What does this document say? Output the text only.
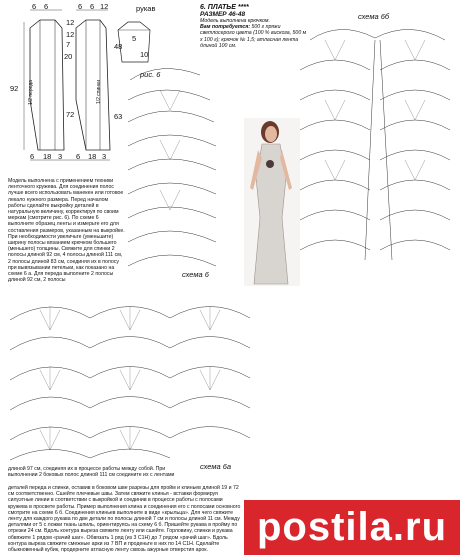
6 6
12
6 6 12
12
7
20
92
72
6 18 3 6 18 3
рукав
48
5
10
63
рис. 6
схема 6
схема 6а
схема 6б
1/2 переда	1/2 спинки
6. ПЛАТЬЕ ****
РАЗМЕР 46-48
Модель выполнена крючком.
Вам потребуется: 500 г пряжи светлосерого цвета (100 % вискоза, 500 м x 100 г); крючок № 1,5; атласная лента длиной 100 см.
Модель выполнена с применением техники ленточного кружева. Для соединения полос лучше всего использовать манекен или готовое лекало нужного размера. Перед началом работы сделайте выкройку деталей в натуральную величину, корректируя по своим меркам (смотрите рис. 6). По схеме 6 выполните образец ленты и измерьте его для составления размеров, указанным на выкройке. При необходимости увеличьте (уменьшите) ширину полосы вязанием крючком большего (меньшего) толщины. Свяжите для спинки 2 полосы длиной 92 см, 4 полосы длиной 111 см, 2 полосы длиной 83 см, соединяя их в полосу при вывязывании петельки, как показано на схеме 6 а. Для переда выполните 2 полосы длиной 92 см, 2 полосы
длиной 97 см, соединяя их в процессе работы между собой. При выполнении 2 боковых полос длиной 111 см соедините их с лентами
деталей переда и спинки, оставив в боковом шве разрезы для пройм и клиньев длиной 19 и 72 см соответственно. Сшейте плечевые швы. Затем свяжите клинья - вставки формируя силуэтные линии в соответствии с выкройкой и соединив в процессе работы с полосами кружева в просвете работы. Пример выполнения клина и соединения его с полосами основного смотрите на схеме 6 б. Соединения клиньев выполните в виде «крыльца». Для чего свяжите ленту для каждого рукава по две детали по полосы длиной 7 см и полосы длиной 11 см. Между деталями от 5 с ложки ткань шпиль, ориентируясь на схему 6 б. Пришейте рукава в пройму по отрезки 24 см. Вдоль контура выреза свяжите ленту или сшейте. Горловину, спинки и рукава обвяжите 1 рядом «рачий шаг». Обвязать 1 ряд (из 3 С1Н) до 7 рядом «рачий шаг». Вдоль контура выреза свяжите смежные арки из 7 ВП и проденьте в них по 14 С1Н. Сделайте обыкновенный кубик, продерните атласную ленту сквозь ажурные отверстия арок.
postila.ru
